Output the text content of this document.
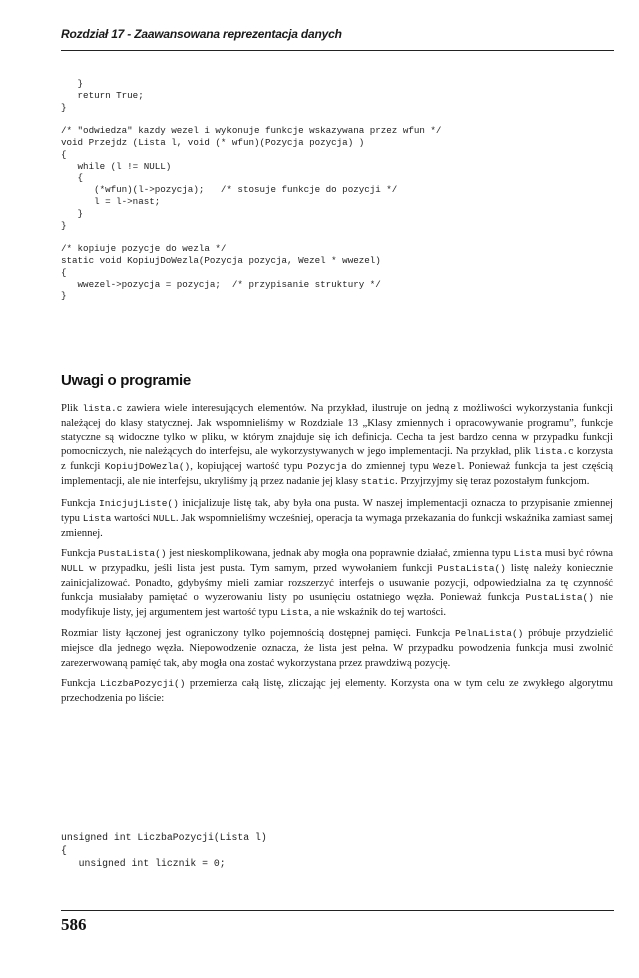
Rozdział 17 - Zaawansowana reprezentacja danych
}
return True;
}

/* "odwiedza" kazdy wezel i wykonuje funkcje wskazywana przez wfun */
void Przejdz (Lista l, void (* wfun)(Pozycja pozycja) )
{
while (l != NULL)
{
(*wfun)(l->pozycja);   /* stosuje funkcje do pozycji */
l = l->nast;
}
}

/* kopiuje pozycje do wezla */
static void KopiujDoWezla(Pozycja pozycja, Wezel * wwezel)
{
wwezel->pozycja = pozycja;  /* przypisanie struktury */
}
Uwagi o programie

Plik lista.c zawiera wiele interesujących elementów. Na przykład, ilustruje on jedną z możliwości wykorzystania funkcji należącej do klasy statycznej. Jak wspomnieliśmy w Rozdziale 13 „Klasy zmiennych i opracowywanie programu”, funkcje statyczne są widoczne tylko w pliku, w którym znajduje się ich definicja. Cecha ta jest bardzo cenna w przypadku funkcji pomocniczych, nie należących do interfejsu, ale wykorzystywanych w jego implementacji. Na przykład, plik lista.c korzysta z funkcji KopiujDoWezla(), kopiującej wartość typu Pozycja do zmiennej typu Wezel. Ponieważ funkcja ta jest częścią implementacji, ale nie interfejsu, ukryliśmy ją przez nadanie jej klasy static. Przyjrzyjmy się teraz pozostałym funkcjom.

Funkcja InicjujListe() inicjalizuje listę tak, aby była ona pusta. W naszej implementacji oznacza to przypisanie zmiennej typu Lista wartości NULL. Jak wspomnieliśmy wcześniej, operacja ta wymaga przekazania do funkcji wskaźnika zamiast samej zmiennej.

Funkcja PustaLista() jest nieskomplikowana, jednak aby mogła ona poprawnie działać, zmienna typu Lista musi być równa NULL w przypadku, jeśli lista jest pusta. Tym samym, przed wywołaniem funkcji PustaLista() listę należy koniecznie zainicjalizować. Ponadto, gdybyśmy mieli zamiar rozszerzyć interfejs o usuwanie pozycji, odpowiedzialna za tę czynność funkcja musiałaby pamiętać o wyzerowaniu listy po usunięciu ostatniego węzła. Ponieważ funkcja PustaLista() nie modyfikuje listy, jej argumentem jest wartość typu Lista, a nie wskaźnik do tej wartości.

Rozmiar listy łączonej jest ograniczony tylko pojemnością dostępnej pamięci. Funkcja PelnaLista() próbuje przydzielić miejsce dla jednego węzła. Niepowodzenie oznacza, że lista jest pełna. W przypadku powodzenia funkcja musi zwolnić zarezerwowaną pamięć tak, aby mogła ona zostać wykorzystana przez prawdziwą pozycję.

Funkcja LiczbaPozycji() przemierza całą listę, zliczając jej elementy. Korzysta ona w tym celu ze zwykłego algorytmu przechodzenia po liście:

unsigned int LiczbaPozycji(Lista l)
{
unsigned int licznik = 0;
586
